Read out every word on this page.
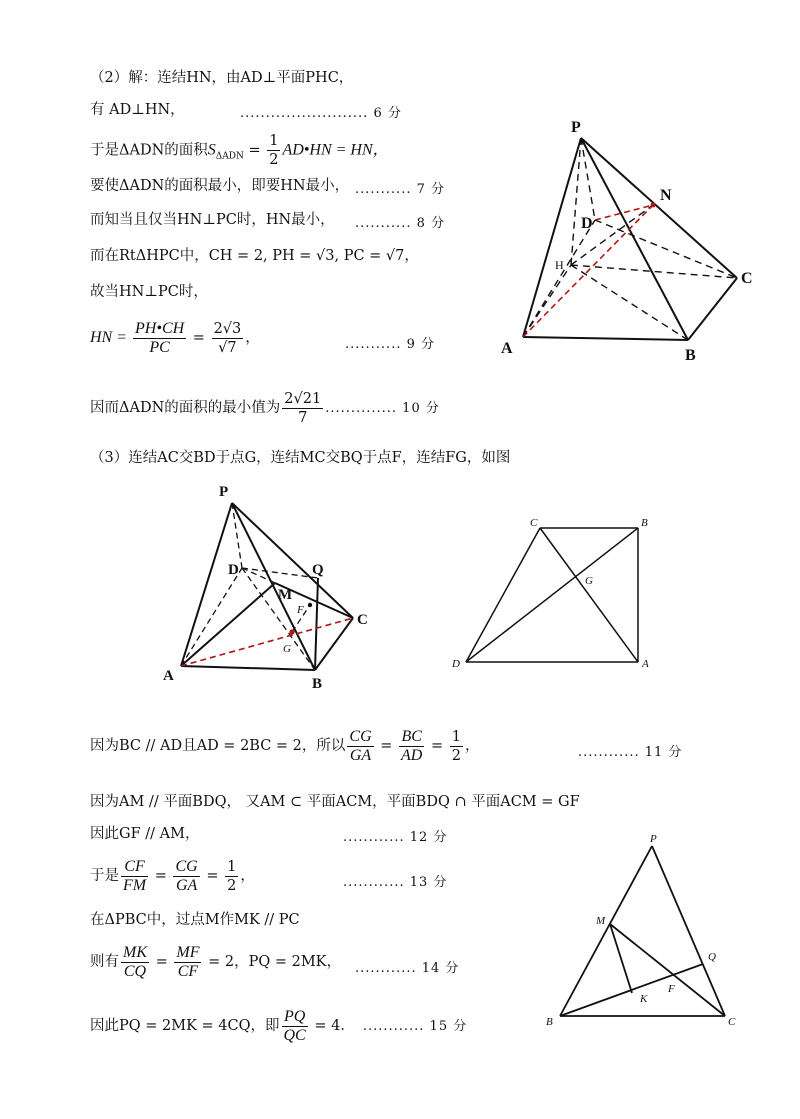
（2）解：连结HN，由AD⊥平面PHC，
有 AD⊥HN，	......................... 6 分
于是ΔADN的面积$S_{\Delta ADN} = \frac{1}{2}$ AD•HN = HN，
要使ΔADN的面积最小，即要HN最小， ........... 7 分
而知当且仅当HN⊥PC时，HN最小， ........... 8 分
而在RtΔHPC中，CH = 2, PH = √3, PC = √7，
故当HN⊥PC时，
HN = $\frac{PH•CH}{PC} = \frac{2√3}{√7}$ ，	........... 9 分
因而ΔADN的面积的最小值为 $\frac{2√21}{7}$ .............. 10 分
P
N
D
C
A	B
H
（3）连结AC交BD于点G，连结MC交BQ于点F，连结FG，如图
P
D	Q
M
C
A	B
F
G
C	B
G
D	A
因为BC // AD且AD = 2BC = 2，所以 $\frac{CG}{GA} = \frac{BC}{AD} = \frac{1}{2}$ ，	............ 11 分
因为AM // 平面BDQ， 又AM ⊂ 平面ACM，平面BDQ ∩ 平面ACM = GF
因此GF // AM，	............ 12 分
于是 $\frac{CF}{FM} = \frac{CG}{GA} = \frac{1}{2}$ ，	............ 13 分
在ΔPBC中，过点M作MK // PC
则有 $\frac{MK}{CQ} = \frac{MF}{CF} = 2$，PQ = 2MK， ............ 14 分
因此PQ = 2MK = 4CQ，即 $\frac{PQ}{QC} = 4$． ............ 15 分
P
M
Q
K
F
B	C
